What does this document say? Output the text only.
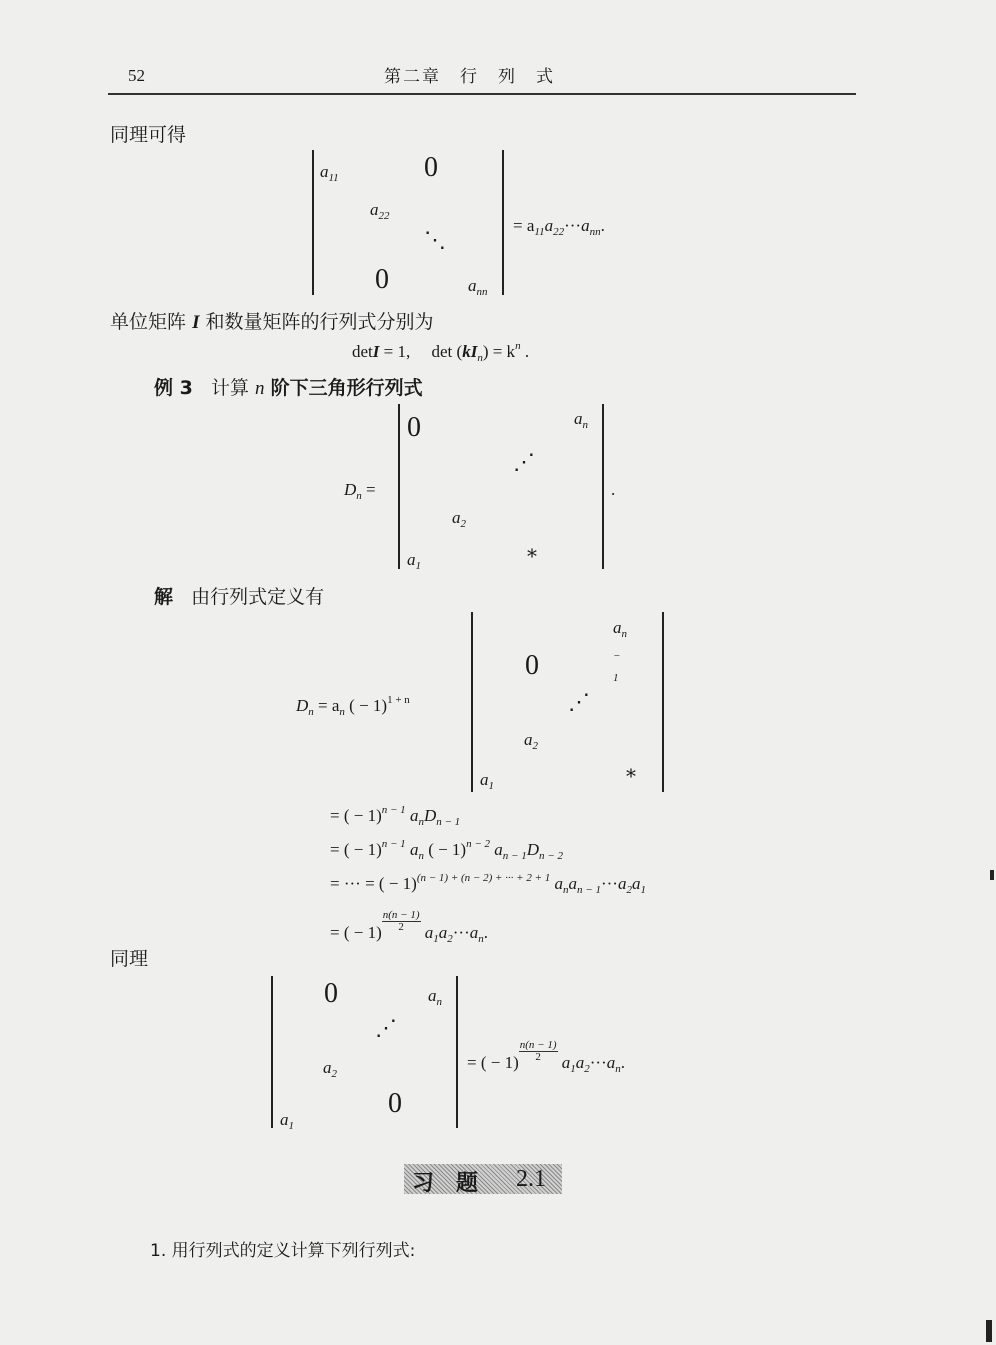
52	第二章　行　列　式
同理可得
$a_{11}$	0
$a_{22}$
⋱
0	$a_{nn}$
= $a_{11}a_{22}\cdot\cdot\cdot a_{nn}$.
单位矩阵 I 和数量矩阵的行列式分别为
detI = 1, $\det (kI_n) = k^n$ .
例 3 计算 n 阶下三角形行列式
$D_n$ =
0	$a_n$
⋰
$a_2$
$a_1$	*
.
解 由行列式定义有
$D_n = a_n$ ( − 1)$^{1 + n}$
$a_{n - 1}$
0
⋰
$a_2$
$a_1$	*
= ( − 1)$^{n - 1}$ $a_nD_{n - 1}$
= ( − 1)$^{n - 1}$ $a_n$ ( − 1)$^{n - 2}$ $a_{n - 1}D_{n - 2}$
= ··· = ( − 1)$^{(n - 1) + (n - 2) + \cdot\cdot\cdot + 2 + 1}$ $a_na_{n - 1}\cdot\cdot\cdot a_2a_1$
= ( − $1) \frac{n(n - 1)}{2} a_1a_2\cdot\cdot\cdot a_n$.
同理
0	$a_n$
⋰
$a_2$
0
$a_1$
= ( − $1) \frac{n(n - 1)}{2} a_1a_2\cdot\cdot\cdot a_n$.
习　题 2.1
1. 用行列式的定义计算下列行列式:
